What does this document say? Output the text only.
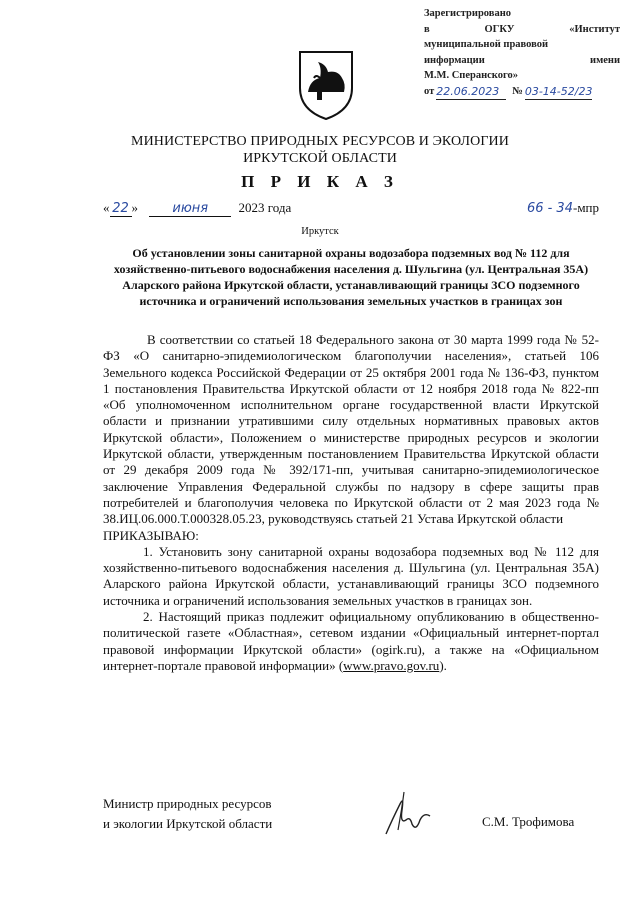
Зарегистрировано
в	ОГКУ	«Институт
муниципальной правовой
информации	имени
М.М. Сперанского»
от 22.06.2023	№ 03-14-52/23
МИНИСТЕРСТВО ПРИРОДНЫХ РЕСУРСОВ И ЭКОЛОГИИ
ИРКУТСКОЙ ОБЛАСТИ
П Р И К А З
« 22 »	июня 2023 года	66 - 34-мпр
Иркутск
Об установлении зоны санитарной охраны водозабора подземных вод № 112 для хозяйственно-питьевого водоснабжения населения д. Шульгина (ул. Центральная 35А) Аларского района Иркутской области, устанавливающий границы ЗСО подземного источника и ограничений использования земельных участков в границах зон

В соответствии со статьей 18 Федерального закона от 30 марта 1999 года № 52-ФЗ «О санитарно-эпидемиологическом благополучии населения», статьей 106 Земельного кодекса Российской Федерации от 25 октября 2001 года № 136-ФЗ, пунктом 1 постановления Правительства Иркутской области от 12 ноября 2018 года № 822-пп «Об уполномоченном исполнительном органе государственной власти Иркутской области и признании утратившими силу отдельных нормативных правовых актов Иркутской области», Положением о министерстве природных ресурсов и экологии Иркутской области, утвержденным постановлением Правительства Иркутской области от 29 декабря 2009 года № 392/171-пп, учитывая санитарно-эпидемиологическое заключение Управления Федеральной службы по надзору в сфере защиты прав потребителей и благополучия человека по Иркутской области от 2 мая 2023 года № 38.ИЦ.06.000.Т.000328.05.23, руководствуясь статьей 21 Устава Иркутской области

ПРИКАЗЫВАЮ:

1. Установить зону санитарной охраны водозабора подземных вод № 112 для хозяйственно-питьевого водоснабжения населения д. Шульгина (ул. Центральная 35А) Аларского района Иркутской области, устанавливающий границы ЗСО подземного источника и ограничений использования земельных участков в границах зон.

2. Настоящий приказ подлежит официальному опубликованию в общественно-политической газете «Областная», сетевом издании «Официальный интернет-портал правовой информации Иркутской области» (ogirk.ru), а также на «Официальном интернет-портале правовой информации» (www.pravo.gov.ru).

Министр природных ресурсов
и экологии Иркутской области	С.М. Трофимова
